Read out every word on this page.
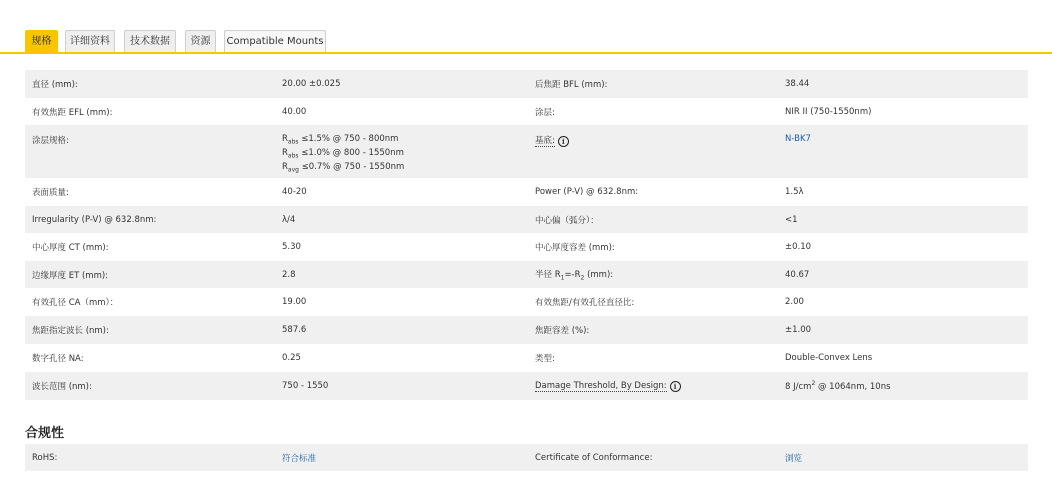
规格	详细资料	技术数据	资源	Compatible Mounts
直径 (mm):	20.00 ±0.025	后焦距 BFL (mm):	38.44
有效焦距 EFL (mm):	40.00	涂层:	NIR II (750-1550nm)
涂层规格:	$R_{abs} \le 1.5\%$ @ 750 - 800nm
$R_{abs} \le 1.0\%$ @ 800 - 1550nm
$R_{avg} \le 0.7\%$ @ 750 - 1550nm	基底: i	N-BK7
表面质量:	40-20	Power (P-V) @ 632.8nm:	1.5λ
Irregularity (P-V) @ 632.8nm:	λ/4	中心偏（弧分）：	<1
中心厚度 CT (mm):	5.30	中心厚度容差 (mm):	±0.10
边缘厚度 ET (mm):	2.8	半径 $R_1=-R_2$ (mm):	40.67
有效孔径 CA（mm）：	19.00	有效焦距/有效孔径直径比:	2.00
焦距指定波长 (nm):	587.6	焦距容差 (%):	±1.00
数字孔径 NA:	0.25	类型:	Double-Convex Lens
波长范围 (nm):	750 - 1550	Damage Threshold, By Design: i	8 $J/cm^2$ @ 1064nm, 10ns
合规性
RoHS:	符合标准	Certificate of Conformance:	浏览
